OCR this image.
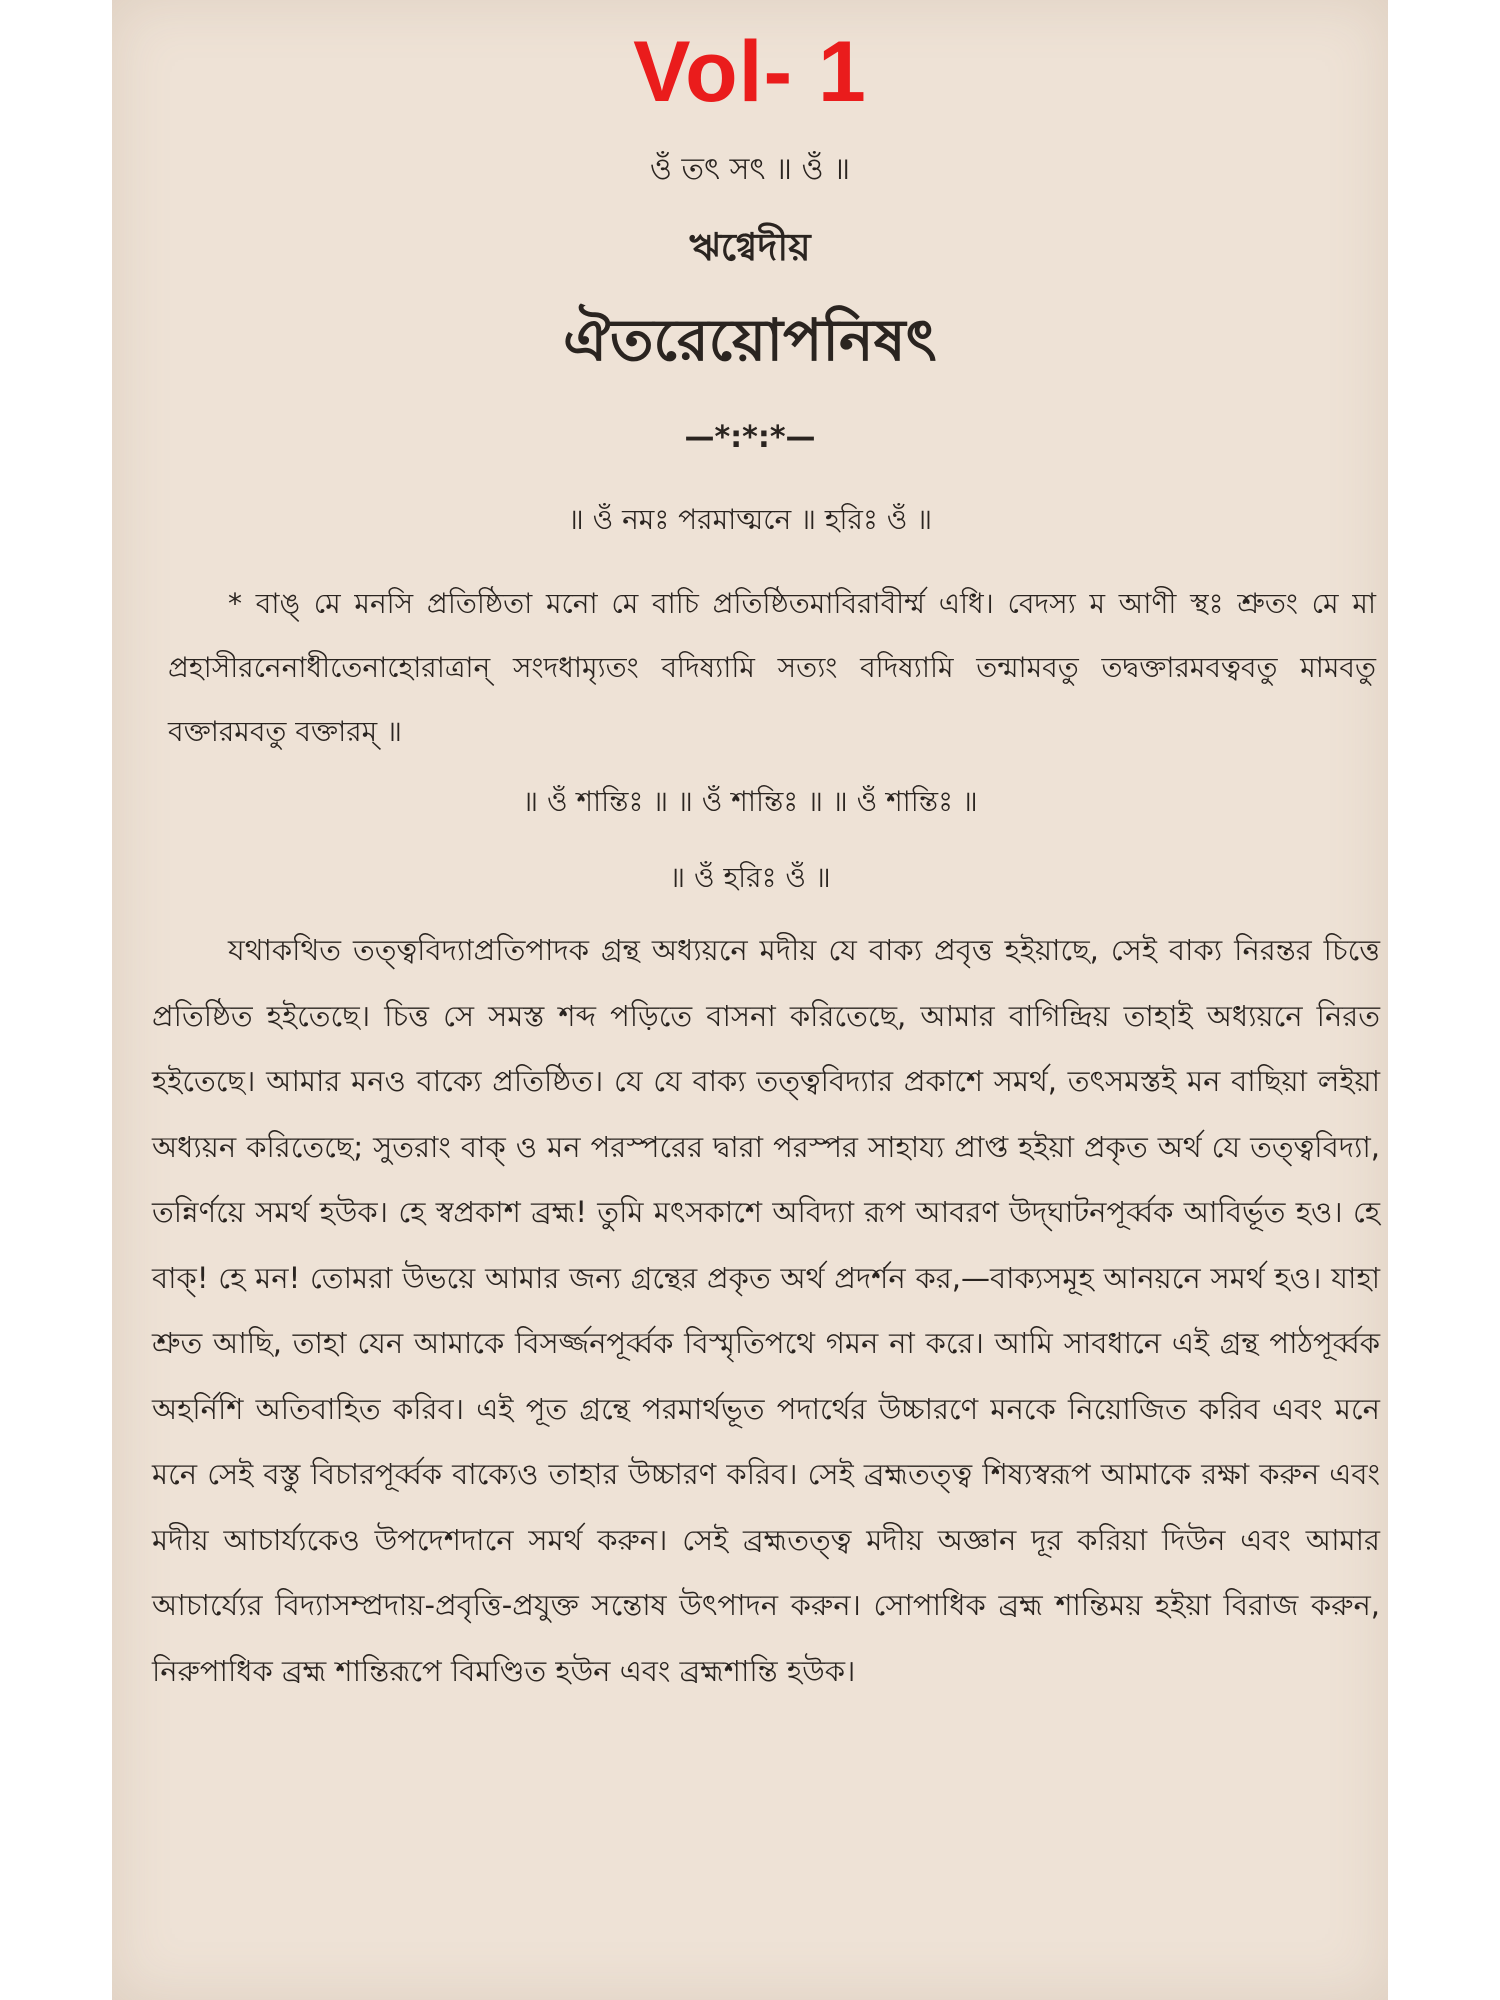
Vol- 1
ওঁ তৎ সৎ ॥ ওঁ ॥
ঋগ্বেদীয়
ঐতরেয়োপনিষৎ
—*:*:*—
॥ ওঁ নমঃ পরমাত্মনে ॥ হরিঃ ওঁ ॥
* বাঙ্‌ মে মনসি প্রতিষ্ঠিতা মনো মে বাচি প্রতিষ্ঠিতমাবিরাবীর্ম্ম এধি। বেদস্য ম আণী স্থঃ শ্রুতং মে মা প্রহাসীরনেনাধীতেনাহোরাত্রান্‌ সংদধাম্যৃতং বদিষ্যামি সত্যং বদিষ্যামি তন্মামবতু তদ্বক্তারমবত্ববতু মামবতু বক্তারমবতু বক্তারম্‌ ॥
॥ ওঁ শান্তিঃ ॥ ॥ ওঁ শান্তিঃ ॥ ॥ ওঁ শান্তিঃ ॥
॥ ওঁ হরিঃ ওঁ ॥
যথাকথিত তত্ত্ববিদ্যাপ্রতিপাদক গ্রন্থ অধ্যয়নে মদীয় যে বাক্য প্রবৃত্ত হইয়াছে, সেই বাক্য নিরন্তর চিত্তে প্রতিষ্ঠিত হইতেছে। চিত্ত সে সমস্ত শব্দ পড়িতে বাসনা করিতেছে, আমার বাগিন্দ্রিয় তাহাই অধ্যয়নে নিরত হইতেছে। আমার মনও বাক্যে প্রতিষ্ঠিত। যে যে বাক্য তত্ত্ববিদ্যার প্রকাশে সমর্থ, তৎসমস্তই মন বাছিয়া লইয়া অধ্যয়ন করিতেছে; সুতরাং বাক্‌ ও মন পরস্পরের দ্বারা পরস্পর সাহায্য প্রাপ্ত হইয়া প্রকৃত অর্থ যে তত্ত্ববিদ্যা, তন্নির্ণয়ে সমর্থ হউক। হে স্বপ্রকাশ ব্রহ্ম! তুমি মৎসকাশে অবিদ্যা রূপ আবরণ উদ্‌ঘাটনপূর্ব্বক আবির্ভূত হও। হে বাক্‌! হে মন! তোমরা উভয়ে আমার জন্য গ্রন্থের প্রকৃত অর্থ প্রদর্শন কর,—বাক্যসমূহ আনয়নে সমর্থ হও। যাহা শ্রুত আছি, তাহা যেন আমাকে বিসর্জ্জনপূর্ব্বক বিস্মৃতিপথে গমন না করে। আমি সাবধানে এই গ্রন্থ পাঠপূর্ব্বক অহর্নিশি অতিবাহিত করিব। এই পূত গ্রন্থে পরমার্থভূত পদার্থের উচ্চারণে মনকে নিয়োজিত করিব এবং মনে মনে সেই বস্তু বিচারপূর্ব্বক বাক্যেও তাহার উচ্চারণ করিব। সেই ব্রহ্মতত্ত্ব শিষ্যস্বরূপ আমাকে রক্ষা করুন এবং মদীয় আচার্য্যকেও উপদেশদানে সমর্থ করুন। সেই ব্রহ্মতত্ত্ব মদীয় অজ্ঞান দূর করিয়া দিউন এবং আমার আচার্য্যের বিদ্যাসম্প্রদায়-প্রবৃত্তি-প্রযুক্ত সন্তোষ উৎপাদন করুন। সোপাধিক ব্রহ্ম শান্তিময় হইয়া বিরাজ করুন, নিরুপাধিক ব্রহ্ম শান্তিরূপে বিমণ্ডিত হউন এবং ব্রহ্মশান্তি হউক।
